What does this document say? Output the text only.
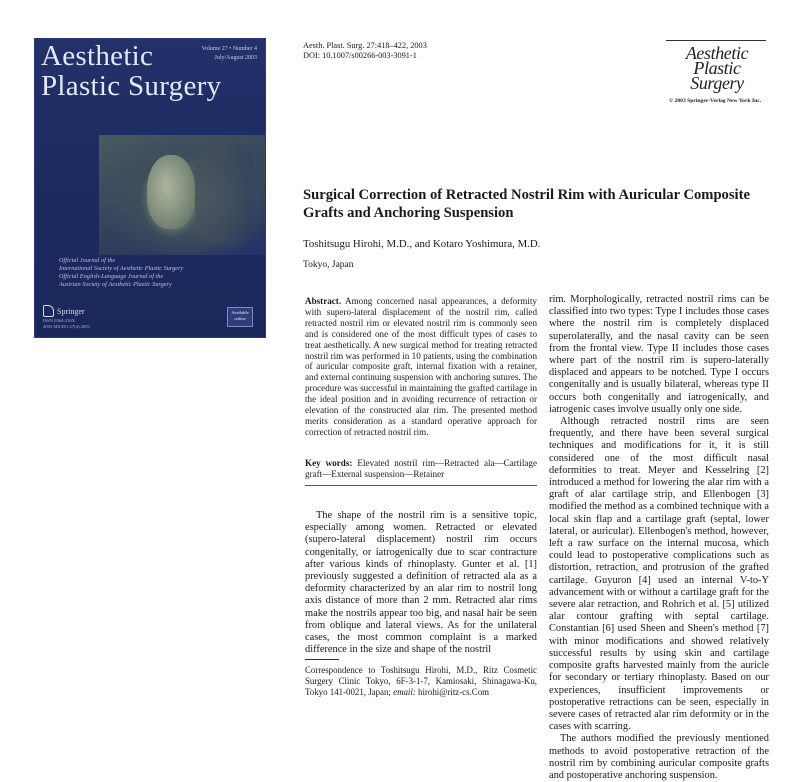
Aesthetic
Plastic Surgery
Volume 27 • Number 4
July/August 2003
Official Journal of the
International Society of Aesthetic Plastic Surgery
Official English-Language Journal of the
Austrian Society of Aesthetic Plastic Surgery
Springer
ISSN 0364-216X
2003 MICRO 27(4) 2003
Available online
Aesth. Plast. Surg. 27:418–422, 2003
DOI: 10.1007/s00266-003-3091-1	Aesthetic
Plastic
Surgery
© 2003 Springer-Verlag New York Inc.
Surgical Correction of Retracted Nostril Rim with Auricular Composite Grafts and Anchoring Suspension
Toshitsugu Hirohi, M.D., and Kotaro Yoshimura, M.D.
Tokyo, Japan
Abstract. Among concerned nasal appearances, a deformity with supero-lateral displacement of the nostril rim, called retracted nostril rim or elevated nostril rim is commonly seen and is considered one of the most difficult types of cases to treat aesthetically. A new surgical method for treating retracted nostril rim was performed in 10 patients, using the combination of auricular composite graft, internal fixation with a retainer, and external continuing suspension with anchoring sutures. The procedure was successful in maintaining the grafted cartilage in the ideal position and in avoiding recurrence of retraction or elevation of the constructed alar rim. The presented method merits consideration as a standard operative approach for correction of retracted nostril rim.
Key words: Elevated nostril rim—Retracted ala—Cartilage graft—External suspension—Retainer

The shape of the nostril rim is a sensitive topic, especially among women. Retracted or elevated (supero-lateral displacement) nostril rim occurs congenitally, or iatrogenically due to scar contracture after various kinds of rhinoplasty. Gunter et al. [1] previously suggested a definition of retracted ala as a deformity characterized by an alar rim to nostril long axis distance of more than 2 mm. Retracted alar rims make the nostrils appear too big, and nasal hair be seen from oblique and lateral views. As for the unilateral cases, the most common complaint is a marked difference in the size and shape of the nostril

Correspondence to Toshitsugu Hirohi, M.D., Ritz Cosmetic Surgery Clinic Tokyo, 6F-3-1-7, Kamiosaki, Shinagawa-Ku, Tokyo 141-0021, Japan; email: hirohi@ritz-cs.Com

rim. Morphologically, retracted nostril rims can be classified into two types: Type I includes those cases where the nostril rim is completely displaced superolaterally, and the nasal cavity can be seen from the frontal view. Type II includes those cases where part of the nostril rim is supero-laterally displaced and appears to be notched. Type I occurs congenitally and is usually bilateral, whereas type II occurs both congenitally and iatrogenically, and iatrogenic cases involve usually only one side.

Although retracted nostril rims are seen frequently, and there have been several surgical techniques and modifications for it, it is still considered one of the most difficult nasal deformities to treat. Meyer and Kesselring [2] introduced a method for lowering the alar rim with a graft of alar cartilage strip, and Ellenbogen [3] modified the method as a combined technique with a local skin flap and a cartilage graft (septal, lower lateral, or auricular). Ellenbogen's method, however, left a raw surface on the internal mucosa, which could lead to postoperative complications such as distortion, retraction, and protrusion of the grafted cartilage. Guyuron [4] used an internal V-to-Y advancement with or without a cartilage graft for the severe alar retraction, and Rohrich et al. [5] utilized alar contour grafting with septal cartilage. Constantian [6] used Sheen and Sheen's method [7] with minor modifications and showed relatively successful results by using skin and cartilage composite grafts harvested mainly from the auricle for secondary or tertiary rhinoplasty. Based on our experiences, insufficient improvements or postoperative retractions can be seen, especially in severe cases of retracted alar rim deformity or in the cases with scarring.

The authors modified the previously mentioned methods to avoid postoperative retraction of the nostril rim by combining auricular composite grafts and postoperative anchoring suspension.
